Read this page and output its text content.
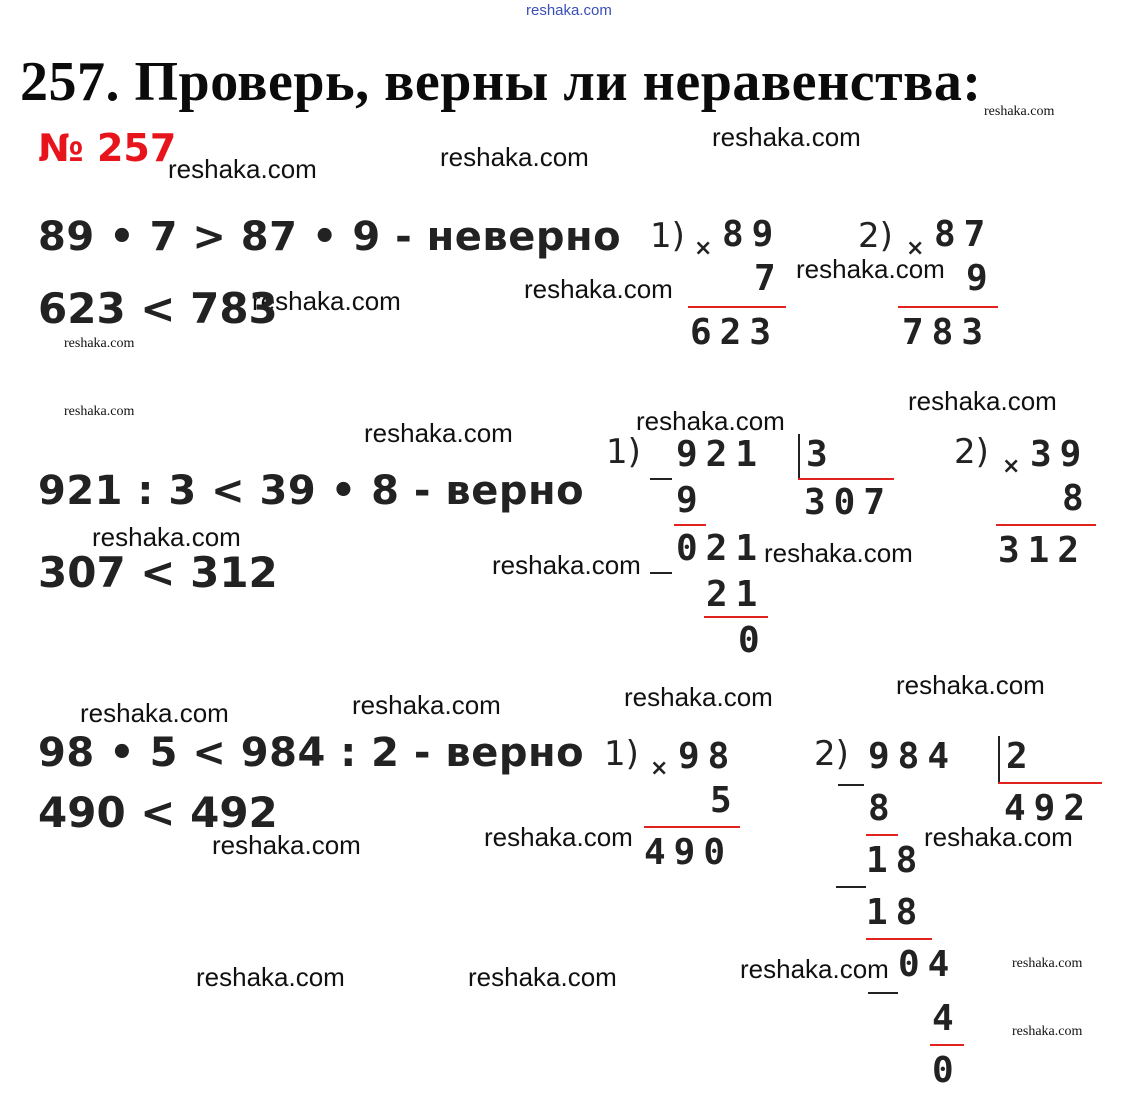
reshaka.com
257. Проверь, верны ли неравенства:
№ 257
reshaka.com
reshaka.com
reshaka.com
reshaka.com
reshaka.com
reshaka.com
reshaka.com
reshaka.com
reshaka.com
reshaka.com	reshaka.com
reshaka.com
reshaka.com
reshaka.com
reshaka.com
reshaka.com
reshaka.com
reshaka.com
reshaka.com
reshaka.com
reshaka.com
reshaka.com
reshaka.com
reshaka.com
reshaka.com
reshaka.com
reshaka.com
89 • 7 > 87 • 9 - неверно
623 < 783
1) × 89
7
623
2) × 87
9
783
921 : 3 < 39 • 8 - верно
307 < 312
1) 921 3
307
9
021
21
0
2) × 39
8
312
98 • 5 < 984 : 2 - верно
490 < 492
1) × 98
5
490
2) 984 2
492
8
18
18
04
4
0
